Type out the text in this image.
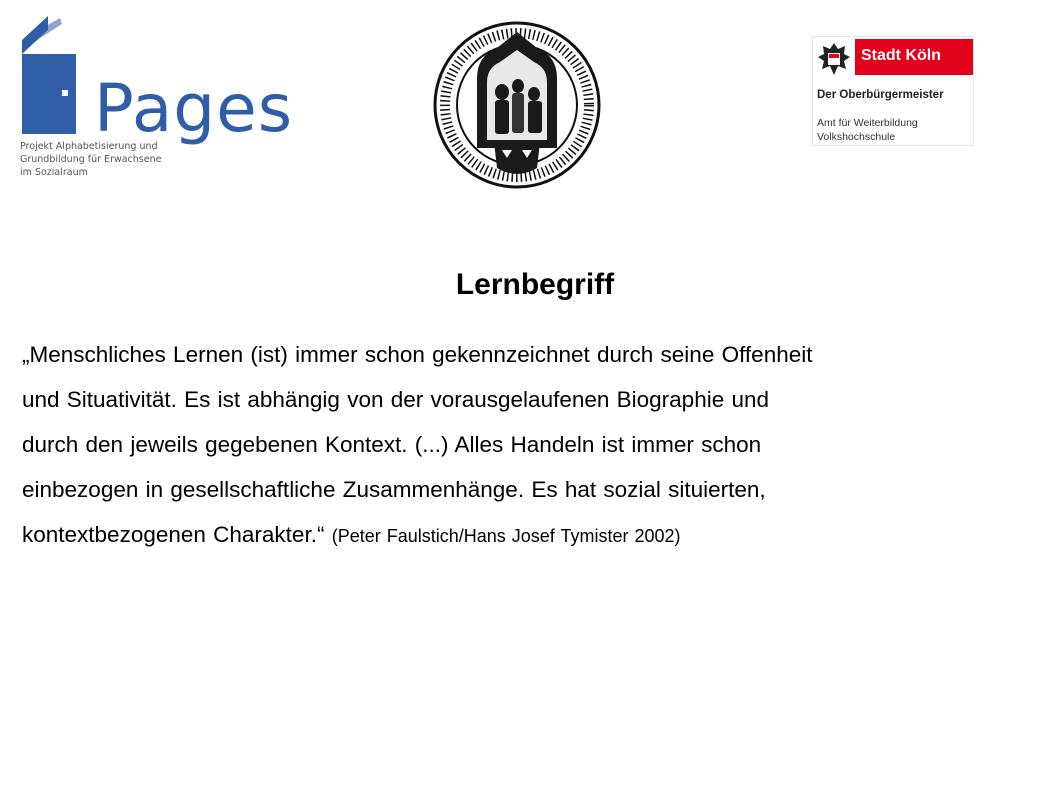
Pages
Projekt Alphabetisierung und
Grundbildung für Erwachsene
im Sozialraum
Stadt Köln
Der Oberbürgermeister
Amt für Weiterbildung
Volkshochschule
Lernbegriff
„Menschliches Lernen (ist) immer schon gekennzeichnet durch seine Offenheit
und Situativität. Es ist abhängig von der vorausgelaufenen Biographie und
durch den jeweils gegebenen Kontext. (...) Alles Handeln ist immer schon
einbezogen in gesellschaftliche Zusammenhänge. Es hat sozial situierten,
kontextbezogenen Charakter.“ (Peter Faulstich/Hans Josef Tymister 2002)
